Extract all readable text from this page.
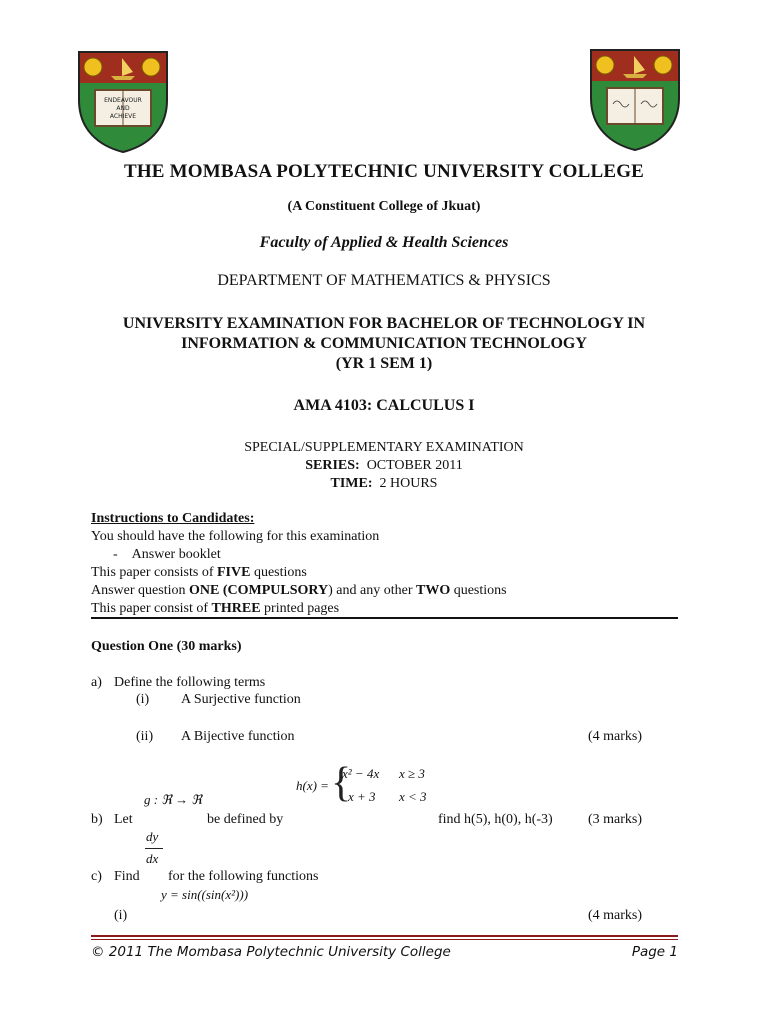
ENDEAVOUR
AND
ACHIEVE
THE MOMBASA POLYTECHNIC UNIVERSITY COLLEGE
(A Constituent College of Jkuat)
Faculty of Applied & Health Sciences
DEPARTMENT OF MATHEMATICS & PHYSICS
UNIVERSITY EXAMINATION FOR BACHELOR OF TECHNOLOGY IN
INFORMATION & COMMUNICATION TECHNOLOGY
(YR 1 SEM 1)
AMA 4103: CALCULUS I
SPECIAL/SUPPLEMENTARY EXAMINATION
SERIES: OCTOBER 2011
TIME: 2 HOURS
Instructions to Candidates:
You should have the following for this examination
- Answer booklet
This paper consists of FIVE questions
Answer question ONE (COMPULSORY) and any other TWO questions
This paper consist of THREE printed pages
Question One (30 marks)
a) Define the following terms
(i) A Surjective function
(ii) A Bijective function	(4 marks)
h(x) = {
x² − 4x x ≥ 3
x + 3 x < 3
g : ℜ → ℜ
b) Let	be defined by	find h(5), h(0), h(-3)	(3 marks)
dy
dx
c) Find for the following functions
y = sin((sin(x²)))
(i)	(4 marks)
© 2011 The Mombasa Polytechnic University College	Page 1
